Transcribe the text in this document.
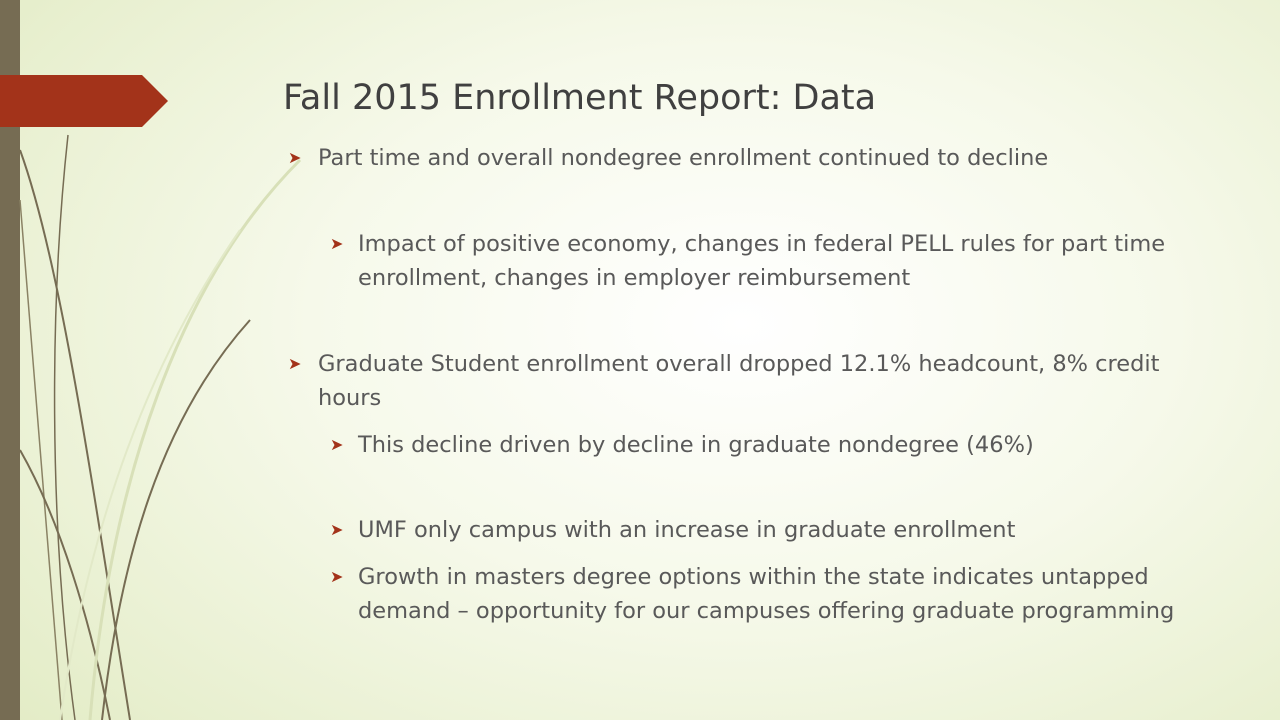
Fall 2015 Enrollment Report: Data
➤ Part time and overall nondegree enrollment continued to decline
➤ Impact of positive economy, changes in federal PELL rules for part time enrollment, changes in employer reimbursement
➤ Graduate Student enrollment overall dropped 12.1% headcount, 8% credit hours
➤ This decline driven by decline in graduate nondegree (46%)
➤ UMF only campus with an increase in graduate enrollment
➤ Growth in masters degree options within the state indicates untapped demand – opportunity for our campuses offering graduate programming
